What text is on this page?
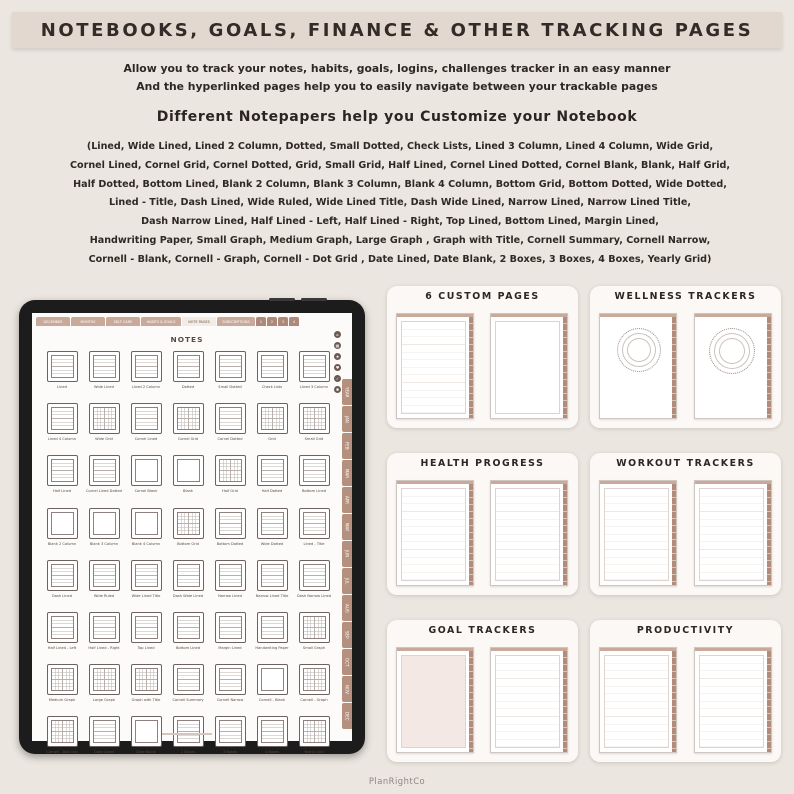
NOTEBOOKS, GOALS, FINANCE & OTHER TRACKING PAGES

Allow you to track your notes, habits, goals, logins, challenges tracker in an easy manner

And the hyperlinked pages help you to easily navigate between your trackable pages

Different Notepapers help you Customize your Notebook
(Lined, Wide Lined, Lined 2 Column, Dotted, Small Dotted, Check Lists, Lined 3 Column, Lined 4 Column, Wide Grid,
Cornel Lined, Cornel Grid, Cornel Dotted, Grid, Small Grid, Half Lined, Cornel Lined Dotted, Cornel Blank, Blank, Half Grid,
Half Dotted, Bottom Lined, Blank 2 Column, Blank 3 Column, Blank 4 Column, Bottom Grid, Bottom Dotted, Wide Dotted,
Lined - Title, Dash Lined, Wide Ruled, Wide Lined Title, Dash Wide Lined, Narrow Lined, Narrow Lined Title,
Dash Narrow Lined, Half Lined - Left, Half Lined - Right, Top Lined, Bottom Lined, Margin Lined,
Handwriting Paper, Small Graph, Medium Graph, Large Graph , Graph with Title, Cornell Summary, Cornell Narrow,
Cornell - Blank, Cornell - Graph, Cornell - Dot Grid , Date Lined, Date Blank, 2 Boxes, 3 Boxes, 4 Boxes, Yearly Grid)
DECEMBER	MONTHS	SELF CARE	HABITS & GOALS	NOTE PAGES	SUBSCRIPTIONS	1	2	3	4
⌂
▦
★
♥
✓
✱	YEAR
JAN
FEB
MAR
APR
MAY
JUN
JUL
AUG
SEP
OCT
NOV
DEC
NOTES
Lined	Wide Lined	Lined 2 Column	Dotted	Small Dotted	Check Lists	Lined 3 Column
Lined 4 Column	Wide Grid	Cornel Lined	Cornel Grid	Cornel Dotted	Grid	Small Grid
Half Lined	Cornel Lined Dotted	Cornel Blank	Blank	Half Grid	Half Dotted	Bottom Lined
Blank 2 Column	Blank 3 Column	Blank 4 Column	Bottom Grid	Bottom Dotted	Wide Dotted	Lined - Title
Dash Lined	Wide Ruled	Wide Lined Title	Dash Wide Lined	Narrow Lined	Narrow Lined Title Dash Narrow Lined
Half Lined - Left	Half Lined - Right	Top Lined	Bottom Lined	Margin Lined	Handwriting Paper	Small Graph
Medium Graph	Large Graph	Graph with Title	Cornell Summary	Cornell Narrow	Cornell - Blank	Cornell - Graph
Cornell - Dot Grid	Date Lined	Date Blank	2 Boxes	3 Boxes	4 Boxes	Yearly Grid
6 CUSTOM PAGES	WELLNESS TRACKERS
HEALTH PROGRESS	WORKOUT TRACKERS
GOAL TRACKERS	PRODUCTIVITY
PlanRightCo
